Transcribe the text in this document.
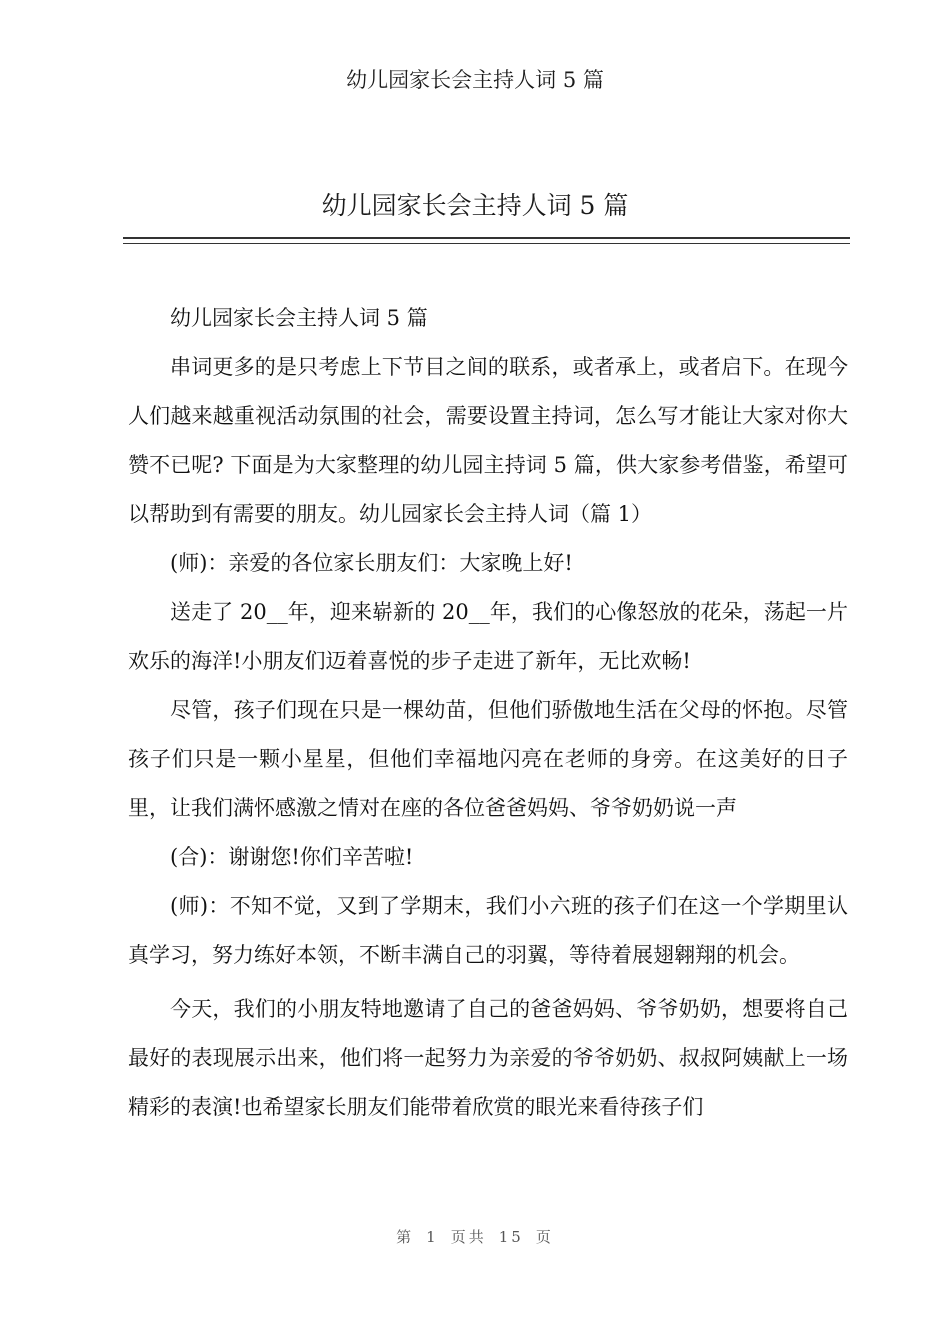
幼儿园家长会主持人词 5 篇
幼儿园家长会主持人词 5 篇

幼儿园家长会主持人词 5 篇

串词更多的是只考虑上下节目之间的联系，或者承上，或者启下。在现今人们越来越重视活动氛围的社会，需要设置主持词，怎么写才能让大家对你大赞不已呢? 下面是为大家整理的幼儿园主持词 5 篇，供大家参考借鉴，希望可以帮助到有需要的朋友。幼儿园家长会主持人词（篇 1）

(师)：亲爱的各位家长朋友们：大家晚上好!

送走了 20__年，迎来崭新的 20__年，我们的心像怒放的花朵，荡起一片欢乐的海洋!小朋友们迈着喜悦的步子走进了新年，无比欢畅!

尽管，孩子们现在只是一棵幼苗，但他们骄傲地生活在父母的怀抱。尽管孩子们只是一颗小星星，但他们幸福地闪亮在老师的身旁。在这美好的日子里，让我们满怀感激之情对在座的各位爸爸妈妈、爷爷奶奶说一声

(合)：谢谢您!你们辛苦啦!

(师)：不知不觉，又到了学期末，我们小六班的孩子们在这一个学期里认真学习，努力练好本领，不断丰满自己的羽翼，等待着展翅翱翔的机会。

今天，我们的小朋友特地邀请了自己的爸爸妈妈、爷爷奶奶，想要将自己最好的表现展示出来，他们将一起努力为亲爱的爷爷奶奶、叔叔阿姨献上一场精彩的表演!也希望家长朋友们能带着欣赏的眼光来看待孩子们

第 1 页共 15 页
